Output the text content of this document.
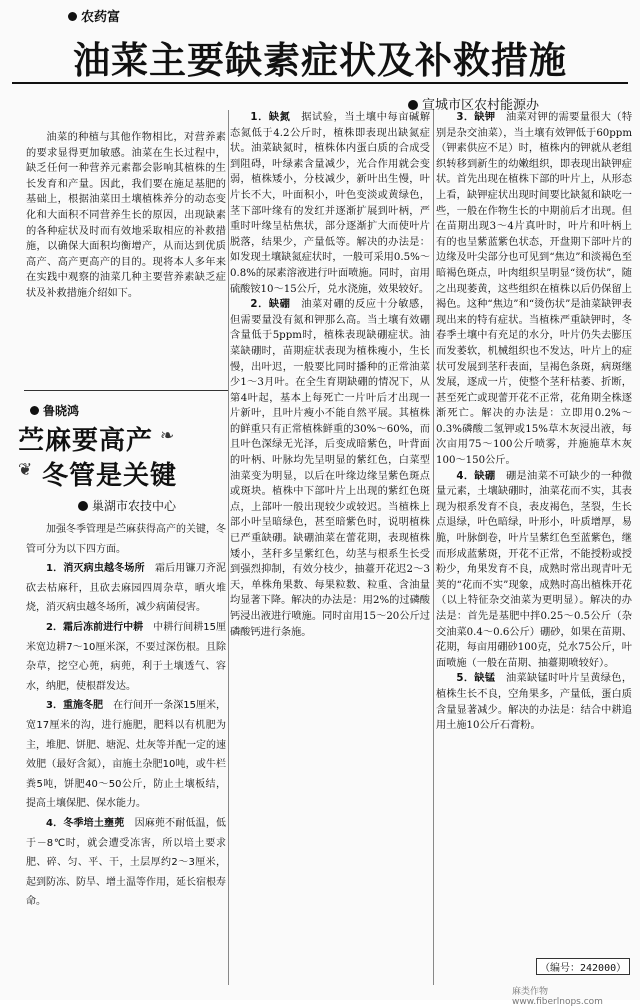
农药富
油菜主要缺素症状及补救措施
宣城市区农村能源办

油菜的种植与其他作物相比，对营养素的要求显得更加敏感。油菜在生长过程中，缺乏任何一种营养元素都会影响其植株的生长发育和产量。因此，我们要在施足基肥的基础上，根据油菜田土壤植株养分的动态变化和大面积不同营养生长的原因，出现缺素的各种症状及时而有效地采取相应的补救措施，以确保大面积均衡增产，从而达到优质高产、高产更高产的目的。现将本人多年来在实践中观察的油菜几种主要营养素缺乏症状及补救措施介绍如下。

鲁晓鸿
苎麻要高产 ❧
❦ 冬管是关键
巢湖市农技中心

加强冬季管理是苎麻获得高产的关键，冬管可分为以下四方面。

1．消灭病虫越冬场所　 霜后用镰刀齐泥砍去枯麻秆，且砍去麻园四周杂草，晒火堆烧，消灭病虫越冬场所，减少病菌侵害。

2．霜后冻前进行中耕　 中耕行间耕15厘米宽边耕7～10厘米深，不要过深伤根。且除杂草，挖空心蔸，病蔸，利于土壤透气、容水，纳肥，使根群发达。

3．重施冬肥　 在行间开一条深15厘米，宽17厘米的沟，进行施肥，肥料以有机肥为主，堆肥、饼肥、塘泥、灶灰等并配一定的速效肥（最好含氮），亩施土杂肥10吨，或牛栏粪5吨，饼肥40～50公斤，防止土壤板结，提高土壤保肥、保水能力。

4．冬季培土壅蔸　 因麻蔸不耐低温，低于－8℃时，就会遭受冻害，所以培土要求肥、碎、匀、平、干，土层厚约2～3厘米，起到防冻、防旱、增土温等作用，延长宿根寿命。

1．缺氮　 据试验，当土壤中每亩碱解态氮低于4.2公斤时，植株即表现出缺氮症状。油菜缺氮时，植株体内蛋白质的合成受到阻碍，叶绿素含量减少，光合作用就会变弱，植株矮小，分枝减少，新叶出生慢，叶片长不大，叶面积小，叶色变淡或黄绿色，茎下部叶缘有的发红并逐渐扩展到叶柄，严重时叶缘呈枯焦状，部分逐渐扩大而使叶片脱落，结果少，产量低等。解决的办法是：如发现土壤缺氮症状时，一般可采用0.5%～0.8%的尿素溶液进行叶面喷施。同时，亩用硫酸铵10～15公斤，兑水浇施，效果较好。

2．缺硼　 油菜对硼的反应十分敏感，但需要量没有氮和钾那么高。当土壤有效硼含量低于5ppm时，植株表现缺硼症状。油菜缺硼时，苗期症状表现为植株瘦小，生长慢，出叶迟，一般要比同时播种的正常油菜少1～3月叶。在全生育期缺硼的情况下，从第4叶起，基本上每死亡一片叶后才出现一片新叶，且叶片瘦小不能自然平展。其植株的鲜重只有正常植株鲜重的30%～60%，而且叶色深绿无光泽，后变成暗紫色，叶背面的叶柄、叶脉均先呈明显的紫红色，白菜型油菜变为明显，以后在叶缘边缘呈紫色斑点或斑块。植株中下部叶片上出现的紫红色斑点，上部叶一般出现较少或较迟。当植株上部小叶呈暗绿色，甚至暗紫色时，说明植株已严重缺硼。缺硼油菜在蕾花期，表现植株矮小，茎秆多呈紫红色，幼茎与根系生长受到强烈抑制，有效分枝少，抽薹开花迟2～3天，单株角果数、每果粒数、粒重、含油量均显著下降。解决的办法是：用2%的过磷酸钙浸出液进行喷施。同时亩用15～20公斤过磷酸钙进行条施。

3．缺钾　 油菜对钾的需要量很大（特别是杂交油菜），当土壤有效钾低于60ppm（钾素供应不足）时，植株内的钾就从老组织转移到新生的幼嫩组织，即表现出缺钾症状。首先出现在植株下部的叶片上，从形态上看，缺钾症状出现时间要比缺氮和缺吃一些，一般在作物生长的中期前后才出现。但在苗期出现3～4片真叶时，叶片和叶柄上有的也呈紫蓝紫色状态，开盘期下部叶片的边缘及叶尖部分也可见到“焦边”和淡褐色至暗褐色斑点，叶肉组织呈明显“烫伤状”，随之出现萎黄，这些组织在植株以后仍保留上褐色。这种“焦边”和“烫伤状”是油菜缺钾表现出来的特有症状。当植株严重缺钾时，冬春季土壤中有充足的水分，叶片仍失去膨压而发萎软，机械组织也不发达，叶片上的症状可发展到茎秆表面，呈褐色条斑，病斑继发展，逐成一片，使整个茎秆枯萎、折断，甚至死亡或现蕾开花不正常，花角期全株逐渐死亡。解决的办法是：立即用0.2%～0.3%磷酸二氢钾或15%草木灰浸出液，每次亩用75～100公斤喷雾，并施施草木灰100～150公斤。

4．缺硼　 硼是油菜不可缺少的一种微量元素，土壤缺硼时，油菜花而不实，其表现为根系发育不良，表皮褐色，茎裂，生长点退绿，叶色暗绿，叶形小，叶质增厚，易脆，叶脉倒卷，叶片呈紫红色至蓝紫色，继而形成蓝紫斑，开花不正常，不能授粉或授粉少，角果发育不良，成熟时常出现青叶无荚的“花而不实”现象，成熟时高出植株开花（以上特征杂交油菜为更明显）。解决的办法是：首先是基肥中拌0.25～0.5公斤（杂交油菜0.4～0.6公斤）硼砂，如果在苗期、花期，每亩用硼砂100克，兑水75公斤，叶面喷施（一般在苗期、抽薹期喷较好）。

5．缺锰　 油菜缺锰时叶片呈黄绿色，植株生长不良，空角果多，产量低，蛋白质含量显著减少。解决的办法是：结合中耕追用土施10公斤石膏粉。

（编号：242000）
麻类作物 www.fiberlnops.com
